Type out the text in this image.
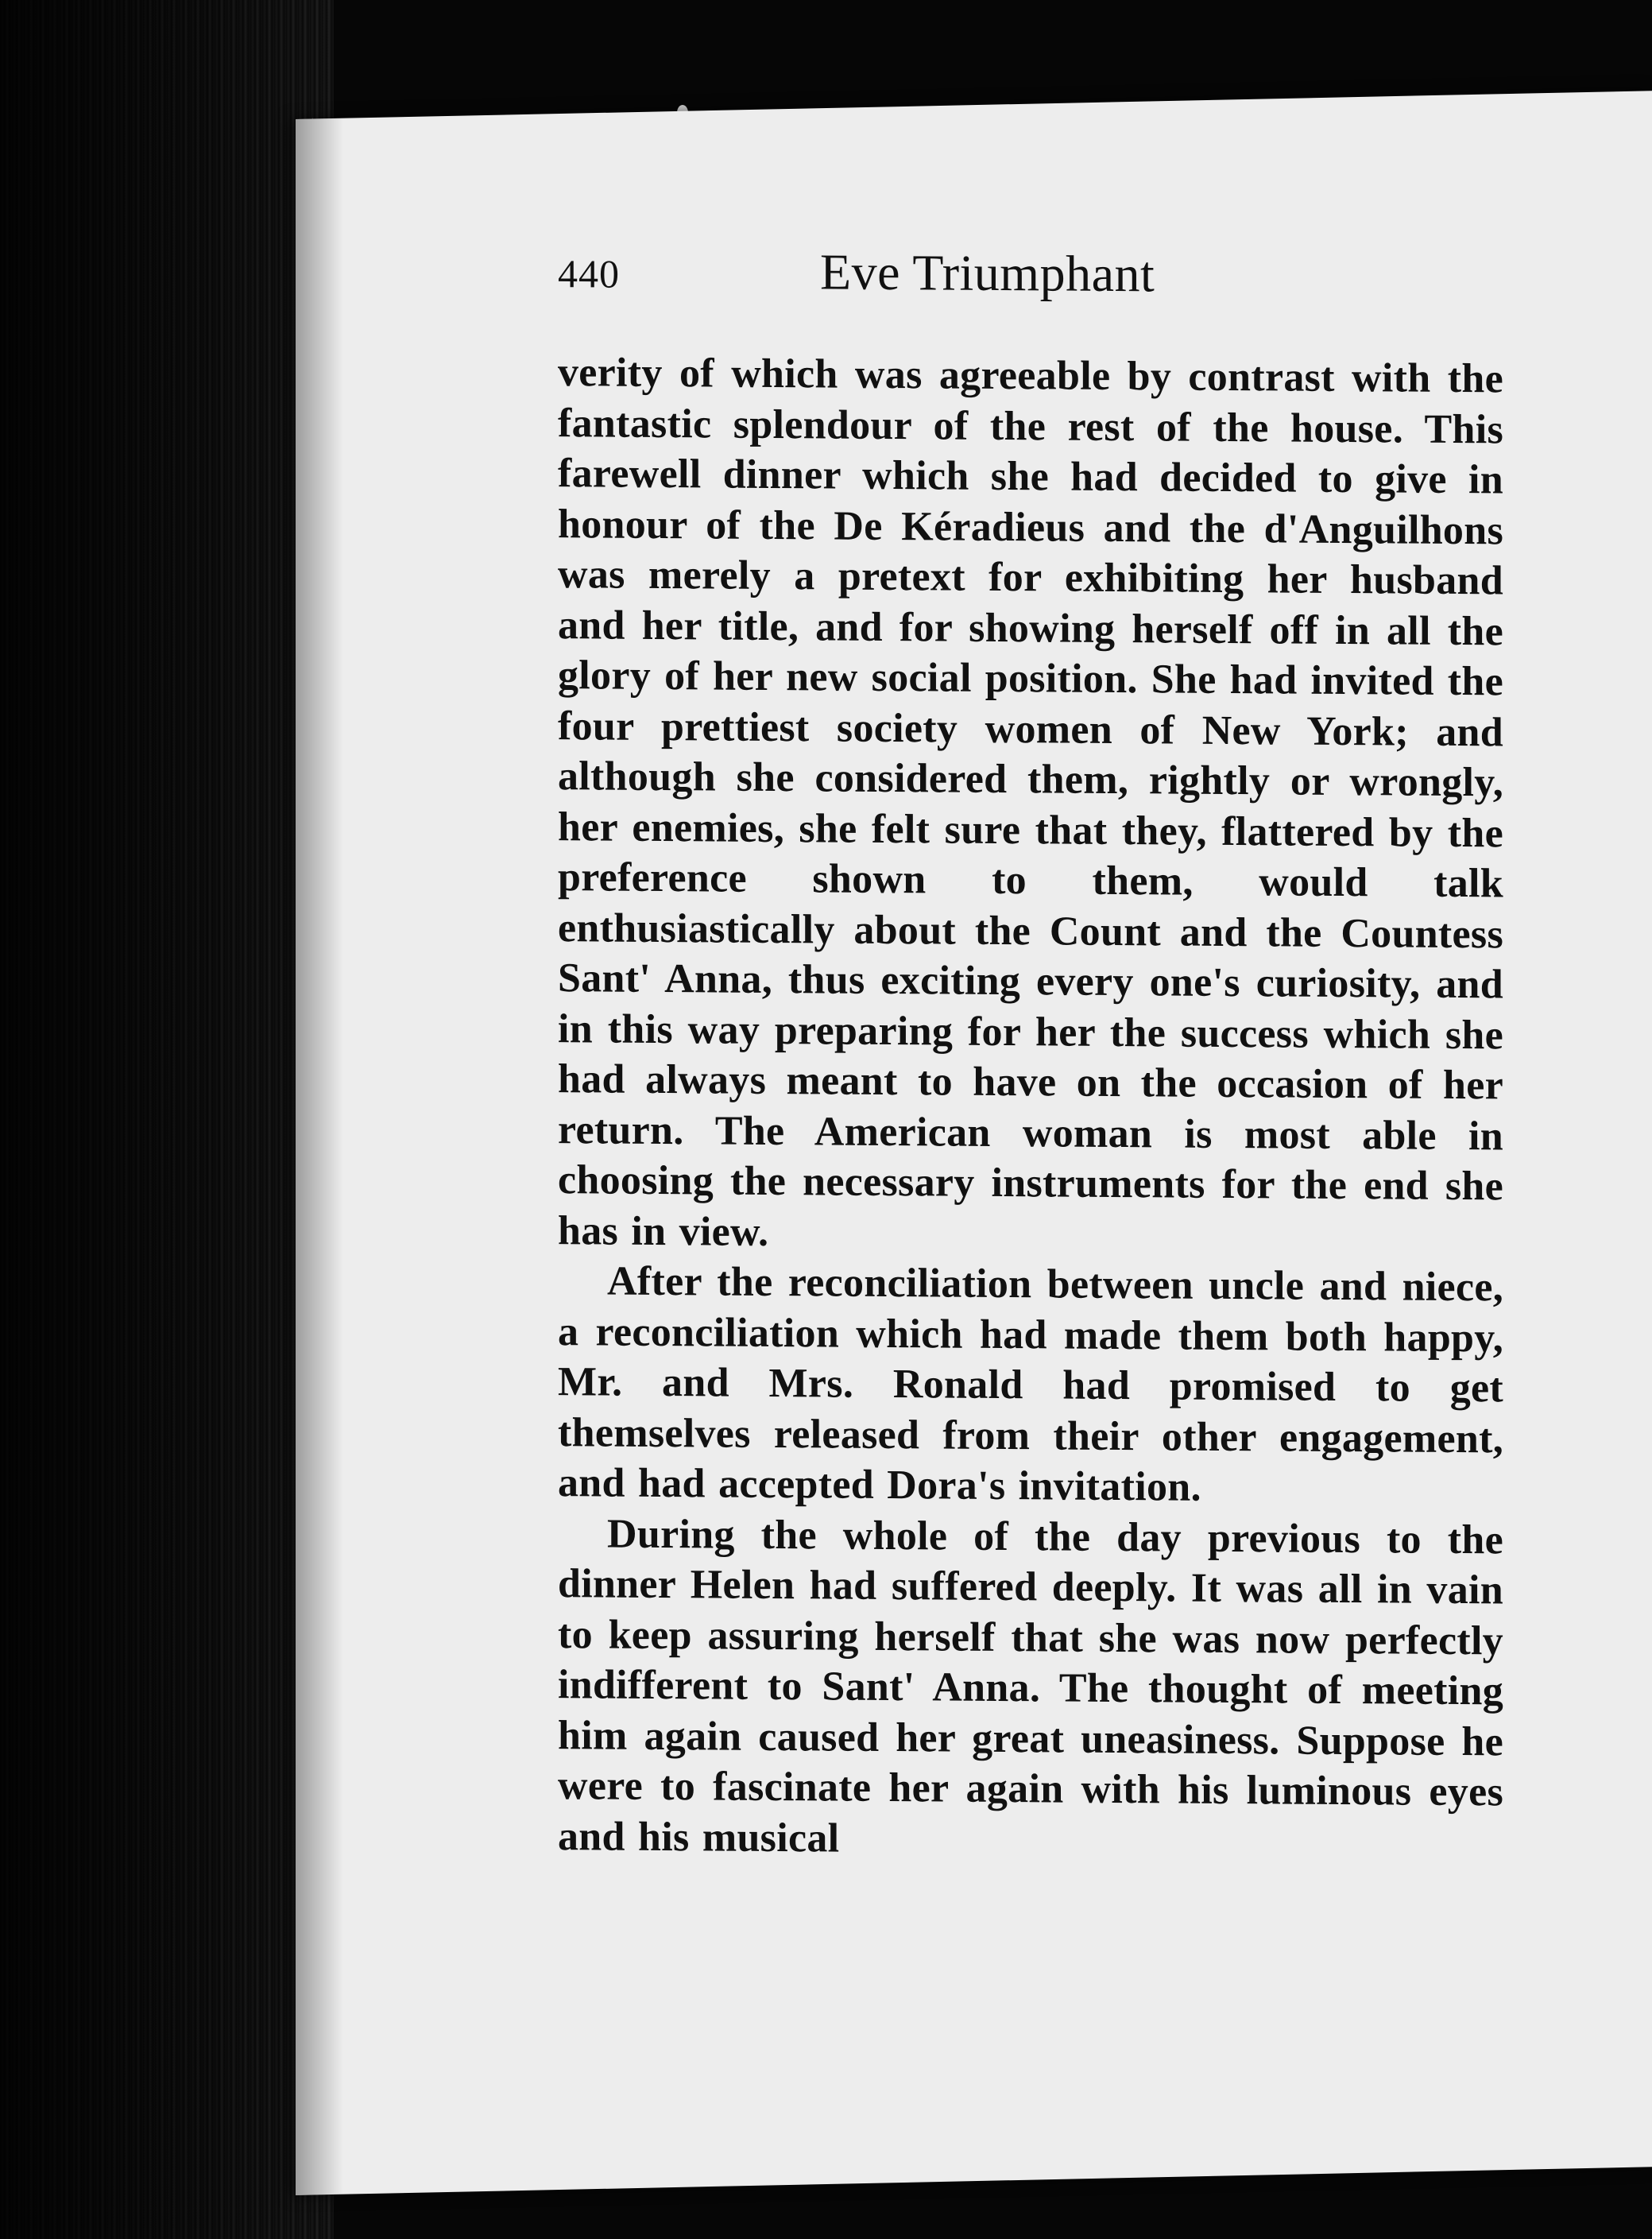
440	Eve Triumphant

verity of which was agreeable by contrast with the fantastic splendour of the rest of the house. This farewell dinner which she had decided to give in honour of the De Kéradieus and the d'Anguilhons was merely a pretext for exhibiting her husband and her title, and for showing herself off in all the glory of her new social position. She had invited the four prettiest society women of New York; and although she considered them, rightly or wrongly, her enemies, she felt sure that they, flattered by the preference shown to them, would talk enthusiastically about the Count and the Countess Sant' Anna, thus exciting every one's curiosity, and in this way preparing for her the success which she had always meant to have on the occasion of her return. The American woman is most able in choosing the necessary instruments for the end she has in view.

After the reconciliation between uncle and niece, a reconciliation which had made them both happy, Mr. and Mrs. Ronald had promised to get themselves released from their other engagement, and had accepted Dora's invitation.

During the whole of the day previous to the dinner Helen had suffered deeply. It was all in vain to keep assuring herself that she was now perfectly indifferent to Sant' Anna. The thought of meeting him again caused her great uneasiness. Suppose he were to fascinate her again with his luminous eyes and his musical
